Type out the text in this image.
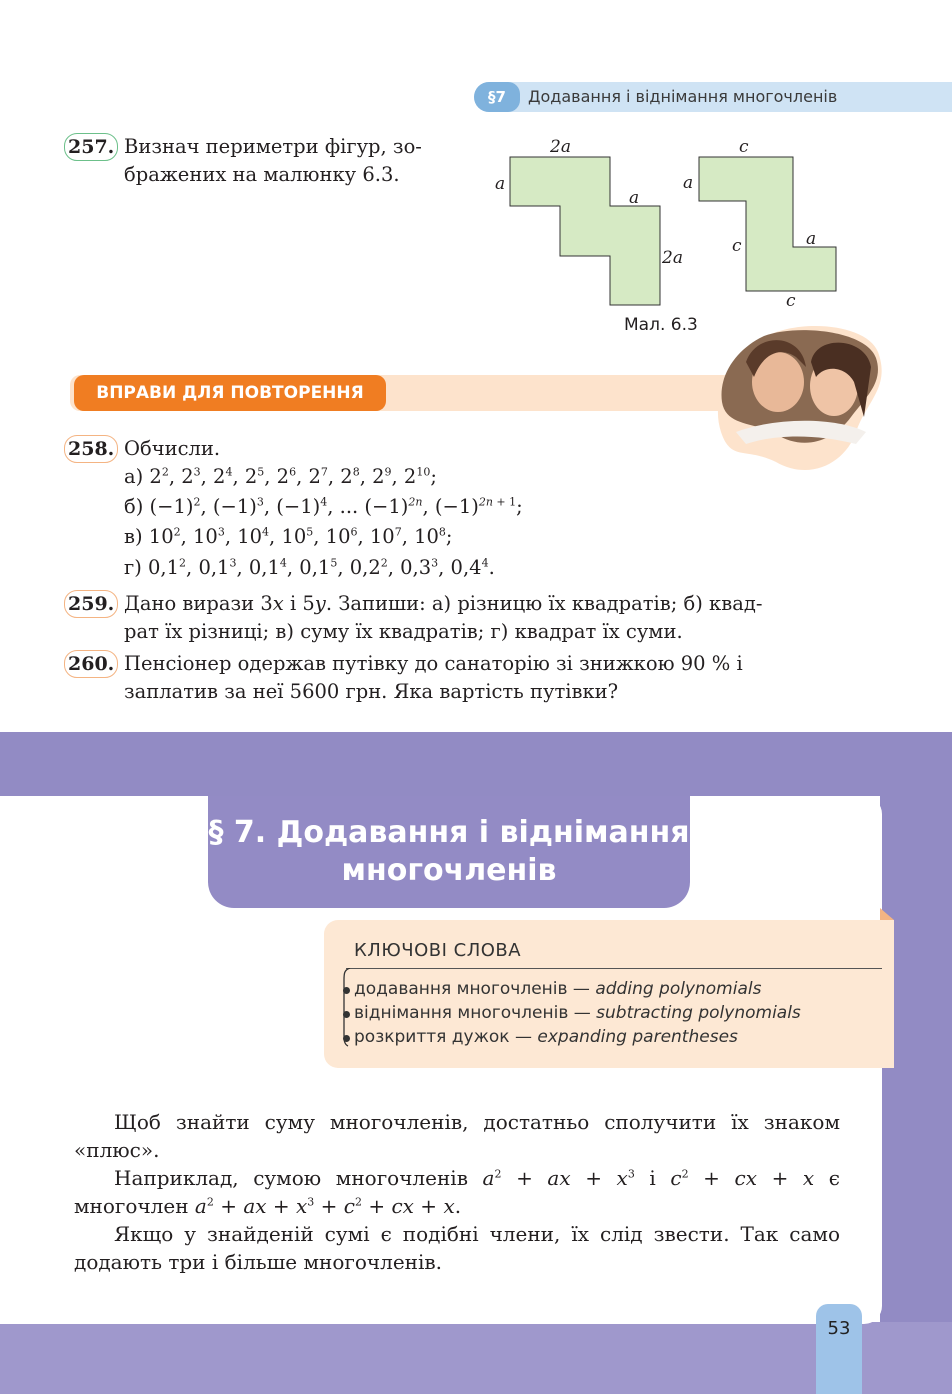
§7	Додавання і віднімання многочленів
257. Визнач периметри фігур, зо-
бражених на малюнку 6.3.
2a
a
a
2a
c
a
c	a
c
Мал. 6.3
ВПРАВИ ДЛЯ ПОВТОРЕННЯ
258. Обчисли.
а) $2^2$, $2^3$, $2^4$, $2^5$, $2^6$, $2^7$, $2^8$, $2^9$, $2^{10}$;
б) $(-1)^2$, $(-1)^3$, $(-1)^4$, ... $(-1)^{2n}$, $(-1)^{2n + 1}$;
в) $10^2$, $10^3$, $10^4$, $10^5$, $10^6$, $10^7$, $10^8$;
г) $0,1^2$, $0,1^3$, $0,1^4$, $0,1^5$, $0,2^2$, $0,3^3$, $0,4^4$.
259. Дано вирази 3x і 5y. Запиши: а) різницю їх квадратів; б) квад-
рат їх різниці; в) суму їх квадратів; г) квадрат їх суми.
260. Пенсіонер одержав путівку до санаторію зі знижкою 90 % і
заплатив за неї 5600 грн. Яка вартість путівки?
§ 7. Додавання і віднімання
многочленів
КЛЮЧОВІ СЛОВА
додавання многочленів — adding polynomials
віднімання многочленів — subtracting polynomials
розкриття дужок — expanding parentheses
Щоб знайти суму многочленів, достатньо сполучити їх знаком «плюс».
Наприклад, сумою многочленів $a^2$ + ax + $x^3$ і $c^2$ + cx + x є многочлен $a^2$ + ax + $x^3 + c^2$ + cx + x.
Якщо у знайденій сумі є подібні члени, їх слід звести. Так само додають три і більше многочленів.
53
